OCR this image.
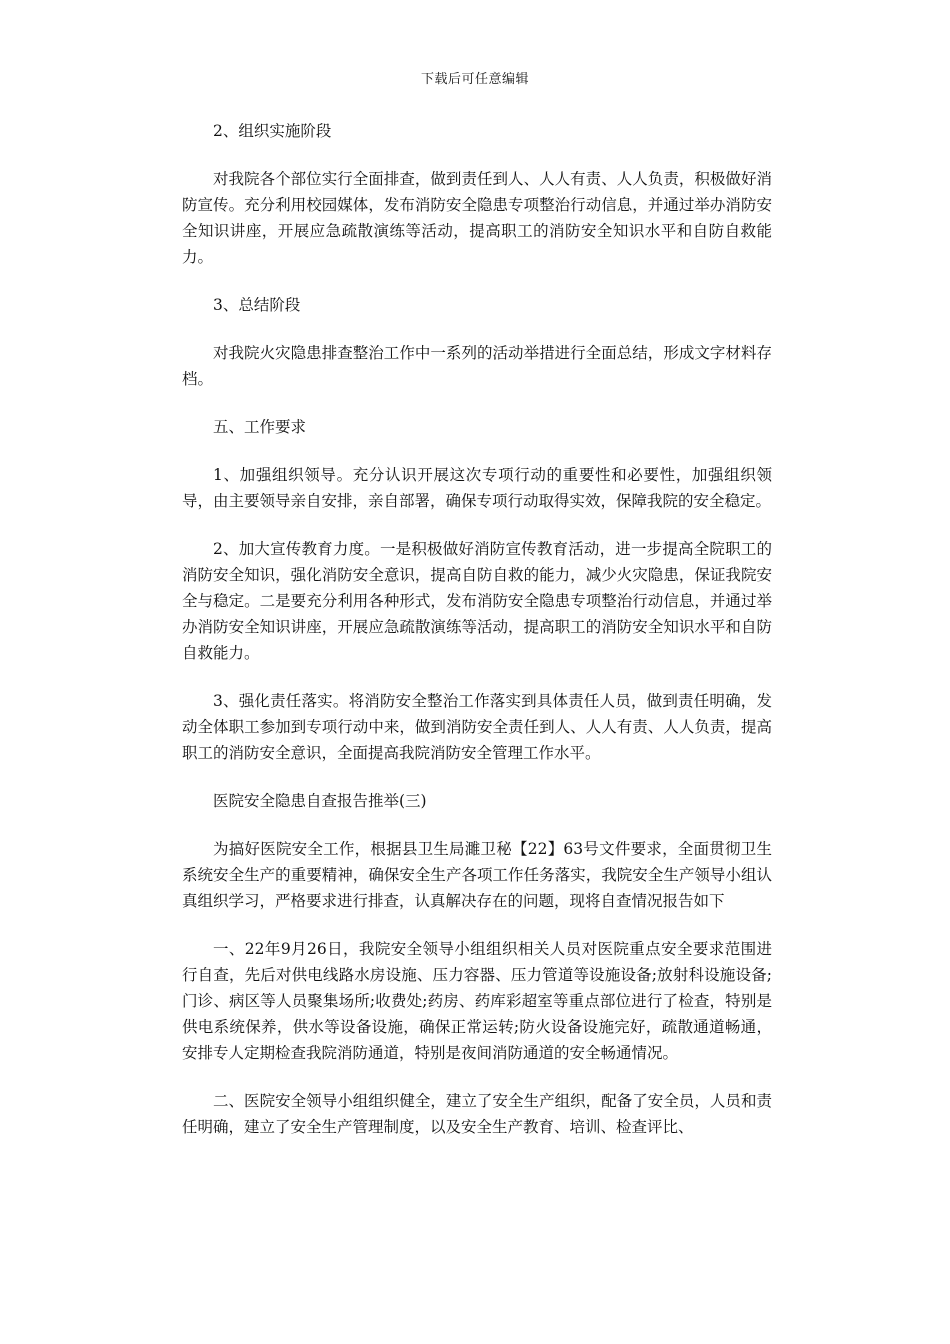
下载后可任意编辑

2、组织实施阶段

对我院各个部位实行全面排查，做到责任到人、人人有责、人人负责，积极做好消防宣传。充分利用校园媒体，发布消防安全隐患专项整治行动信息，并通过举办消防安全知识讲座，开展应急疏散演练等活动，提高职工的消防安全知识水平和自防自救能力。

3、总结阶段

对我院火灾隐患排查整治工作中一系列的活动举措进行全面总结，形成文字材料存档。

五、工作要求

1、加强组织领导。充分认识开展这次专项行动的重要性和必要性，加强组织领导，由主要领导亲自安排，亲自部署，确保专项行动取得实效，保障我院的安全稳定。

2、加大宣传教育力度。一是积极做好消防宣传教育活动，进一步提高全院职工的消防安全知识，强化消防安全意识，提高自防自救的能力，减少火灾隐患，保证我院安全与稳定。二是要充分利用各种形式，发布消防安全隐患专项整治行动信息，并通过举办消防安全知识讲座，开展应急疏散演练等活动，提高职工的消防安全知识水平和自防自救能力。

3、强化责任落实。将消防安全整治工作落实到具体责任人员，做到责任明确，发动全体职工参加到专项行动中来，做到消防安全责任到人、人人有责、人人负责，提高职工的消防安全意识，全面提高我院消防安全管理工作水平。

医院安全隐患自查报告推举(三)

为搞好医院安全工作，根据县卫生局濉卫秘【22】63号文件要求，全面贯彻卫生系统安全生产的重要精神，确保安全生产各项工作任务落实，我院安全生产领导小组认真组织学习，严格要求进行排查，认真解决存在的问题，现将自查情况报告如下

一、22年9月26日，我院安全领导小组组织相关人员对医院重点安全要求范围进行自查，先后对供电线路水房设施、压力容器、压力管道等设施设备;放射科设施设备;门诊、病区等人员聚集场所;收费处;药房、药库彩超室等重点部位进行了检查，特别是供电系统保养，供水等设备设施，确保正常运转;防火设备设施完好，疏散通道畅通，安排专人定期检查我院消防通道，特别是夜间消防通道的安全畅通情况。

二、医院安全领导小组组织健全，建立了安全生产组织，配备了安全员，人员和责任明确，建立了安全生产管理制度，以及安全生产教育、培训、检查评比、
